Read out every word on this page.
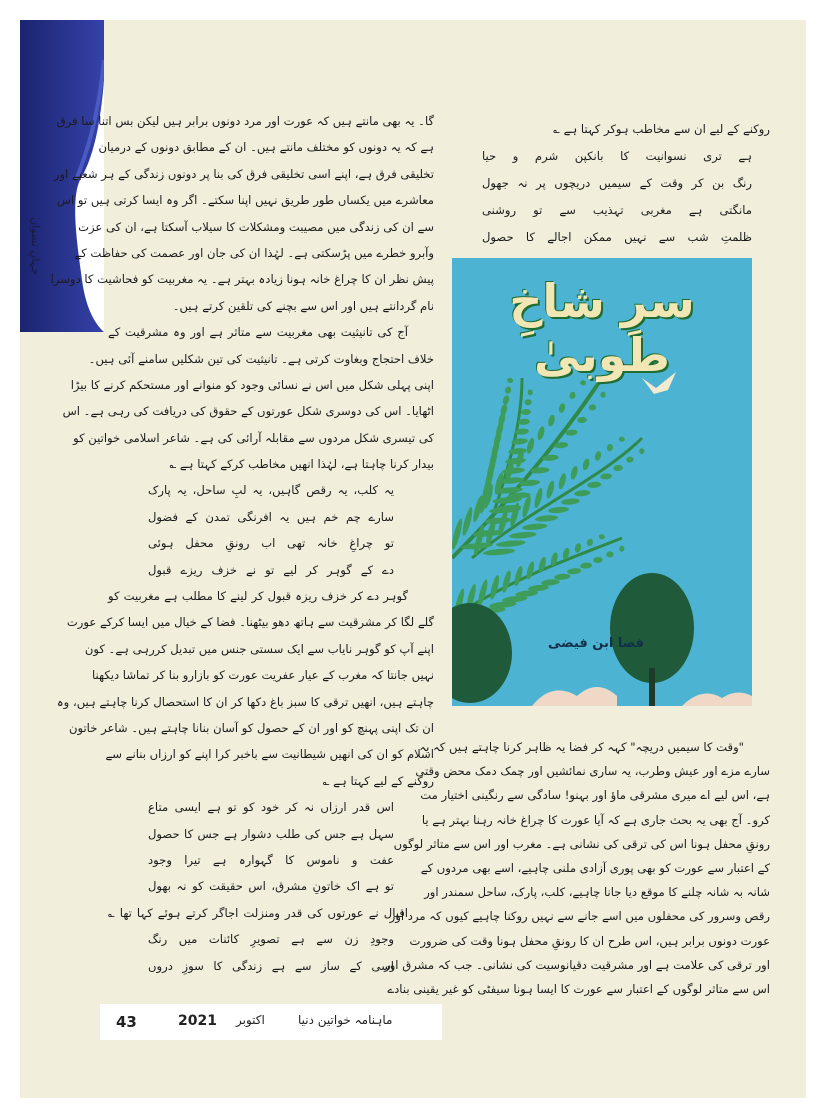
جہانِ نسواں
گا۔ یہ بھی مانتے ہیں کہ عورت اور مرد دونوں برابر ہیں لیکن بس اتنا سا فرق
ہے کہ یہ دونوں کو مختلف مانتے ہیں۔ ان کے مطابق دونوں کے درمیان
تخلیقی فرق ہے، اپنے اسی تخلیقی فرق کی بنا پر دونوں زندگی کے ہر شعبے اور
معاشرے میں یکساں طور طریق نہیں اپنا سکتے۔ اگر وہ ایسا کرتی ہیں تو اس
سے ان کی زندگی میں مصیبت ومشکلات کا سیلاب آسکتا ہے، ان کی عزت
وآبرو خطرے میں پڑسکتی ہے۔ لہٰذا ان کی جان اور عصمت کی حفاظت کے
پیش نظر ان کا چراغ خانہ ہونا زیادہ بہتر ہے۔ یہ مغربیت کو فحاشیت کا دوسرا
نام گردانتے ہیں اور اس سے بچنے کی تلقین کرتے ہیں۔
آج کی تانیثیت بھی مغربیت سے متاثر ہے اور وہ مشرقیت کے
خلاف احتجاج وبغاوت کرتی ہے۔ تانیثیت کی تین شکلیں سامنے آئی ہیں۔
اپنی پہلی شکل میں اس نے نسائی وجود کو منوانے اور مستحکم کرنے کا بیڑا
اٹھایا۔ اس کی دوسری شکل عورتوں کے حقوق کی دریافت کی رہی ہے۔ اس
کی تیسری شکل مردوں سے مقابلہ آرائی کی ہے۔ شاعر اسلامی خواتین کو
بیدار کرنا چاہتا ہے، لہٰذا انھیں مخاطب کرکے کہتا ہے ؎
یہ کلب، یہ رقص گاہیں، یہ لبِ ساحل، یہ پارک
سارے چم خم ہیں یہ افرنگی تمدن کے فضول
تو چراغِ خانہ تھی اب رونقِ محفل ہوئی
دے کے گوہر کر لیے تو نے خزف ریزے قبول
گوہر دے کر خزف ریزہ قبول کر لینے کا مطلب ہے مغربیت کو
گلے لگا کر مشرقیت سے ہاتھ دھو بیٹھنا۔ فضا کے خیال میں ایسا کرکے عورت
اپنے آپ کو گوہر نایاب سے ایک سستی جنس میں تبدیل کررہی ہے۔ کون
نہیں جانتا کہ مغرب کے عیار عفریت عورت کو بازارو بنا کر تماشا دیکھنا
چاہتے ہیں، انھیں ترقی کا سبز باغ دکھا کر ان کا استحصال کرنا چاہتے ہیں، وہ
ان تک اپنی پہنچ کو اور ان کے حصول کو آسان بنانا چاہتے ہیں۔ شاعر خاتون
اسلام کو ان کی انھیں شیطانیت سے باخبر کرا اپنے کو ارزاں بنانے سے
روکنے کے لیے کہتا ہے ؎
اس قدر ارزاں نہ کر خود کو تو ہے ایسی متاع
سہل ہے جس کی طلب دشوار ہے جس کا حصول
عفت و ناموس کا گہوارہ ہے تیرا وجود
تو ہے اک خاتونِ مشرق، اس حقیقت کو نہ بھول
اقبال نے عورتوں کی قدر ومنزلت اجاگر کرتے ہوئے کہا تھا ؎
وجودِ زن سے ہے تصویرِ کائنات میں رنگ
اسی کے ساز سے ہے زندگی کا سوزِ دروں
روکنے کے لیے ان سے مخاطب ہوکر کہتا ہے ؎
ہے تری نسوانیت کا بانکپن شرم و حیا
رنگ بن کر وقت کے سیمیں دریچوں پر نہ جھول
مانگتی ہے مغربی تہذیب سے تو روشنی
ظلمتِ شب سے نہیں ممکن اجالے کا حصول
سرِ شاخِ طوبیٰ
فضا ابن فیضی
"وقت کا سیمیں دریچہ" کہہ کر فضا یہ ظاہر کرنا چاہتے ہیں کہ یہ
سارے مزے اور عیش وطرب، یہ ساری نمائشیں اور چمک دمک محض وقتی
ہے، اس لیے اے میری مشرقی ماؤ اور بہنو! سادگی سے رنگینی اختیار مت
کرو۔ آج بھی یہ بحث جاری ہے کہ آیا عورت کا چراغ خانہ رہنا بہتر ہے یا
رونقِ محفل ہونا اس کی ترقی کی نشانی ہے۔ مغرب اور اس سے متاثر لوگوں
کے اعتبار سے عورت کو بھی پوری آزادی ملنی چاہیے، اسے بھی مردوں کے
شانہ بہ شانہ چلنے کا موقع دیا جانا چاہیے، کلب، پارک، ساحل سمندر اور
رقص وسرور کی محفلوں میں اسے جانے سے نہیں روکنا چاہیے کیوں کہ مرد اور
عورت دونوں برابر ہیں، اس طرح ان کا رونقِ محفل ہونا وقت کی ضرورت
اور ترقی کی علامت ہے اور مشرقیت دقیانوسیت کی نشانی۔ جب کہ مشرق اور
اس سے متاثر لوگوں کے اعتبار سے عورت کا ایسا ہونا سیفٹی کو غیر یقینی بنادے
43	2021 اکتوبر	ماہنامہ خواتین دنیا
